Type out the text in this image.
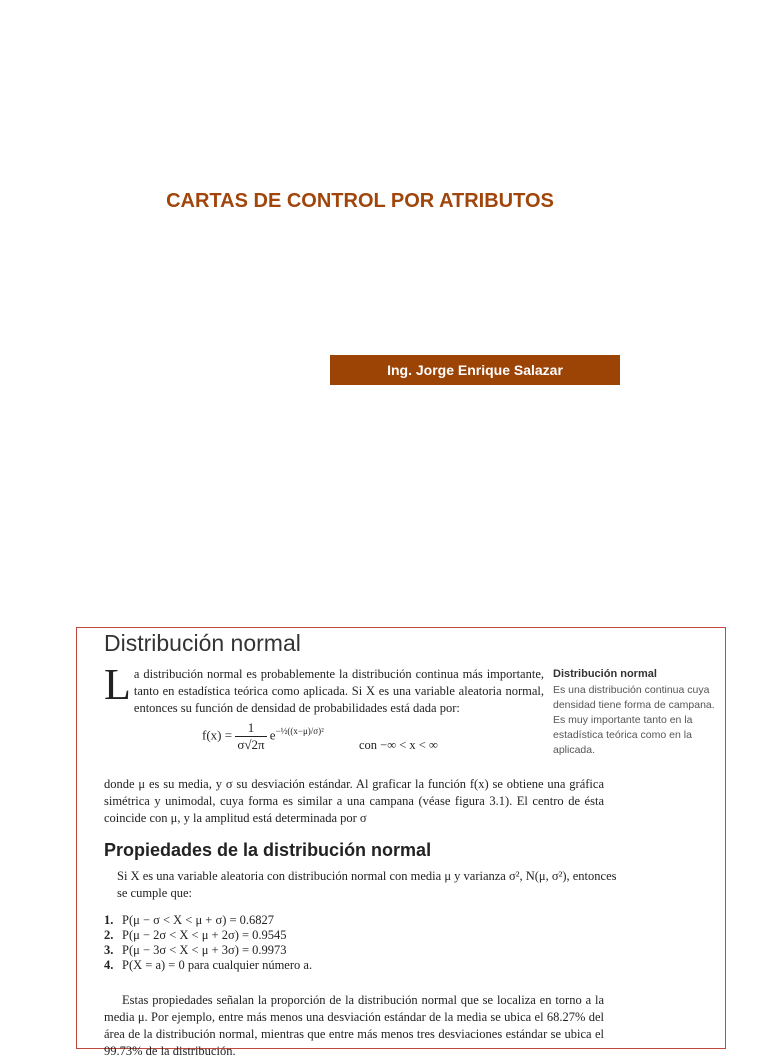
CARTAS DE CONTROL POR ATRIBUTOS
Ing. Jorge Enrique Salazar
Distribución normal
L a distribución normal es probablemente la distribución continua más importante, tanto en estadística teórica como aplicada. Si X es una variable aleatoria normal, entonces su función de densidad de probabilidades está dada por:
Distribución normal
Es una distribución continua cuya densidad tiene forma de campana. Es muy importante tanto en la estadística teórica como en la aplicada.
$f(x) = \frac{1}{\sigma√2\pi} e^{-\frac{1}{2}((x-\mu)/\sigma)^2}$
con −∞ < x < ∞
donde μ es su media, y σ su desviación estándar. Al graficar la función f(x) se obtiene una gráfica simétrica y unimodal, cuya forma es similar a una campana (véase figura 3.1). El centro de ésta coincide con μ, y la amplitud está determinada por σ
Propiedades de la distribución normal
Si X es una variable aleatoria con distribución normal con media μ y varianza σ², N(μ, σ²), entonces se cumple que:
1. P(μ − σ < X < μ + σ) = 0.6827
2. P(μ − 2σ < X < μ + 2σ) = 0.9545
3. P(μ − 3σ < X < μ + 3σ) = 0.9973
4. P(X = a) = 0 para cualquier número a.
Estas propiedades señalan la proporción de la distribución normal que se localiza en torno a la media μ. Por ejemplo, entre más menos una desviación estándar de la media se ubica el 68.27% del área de la distribución normal, mientras que entre más menos tres desviaciones estándar se ubica el 99.73% de la distribución.
